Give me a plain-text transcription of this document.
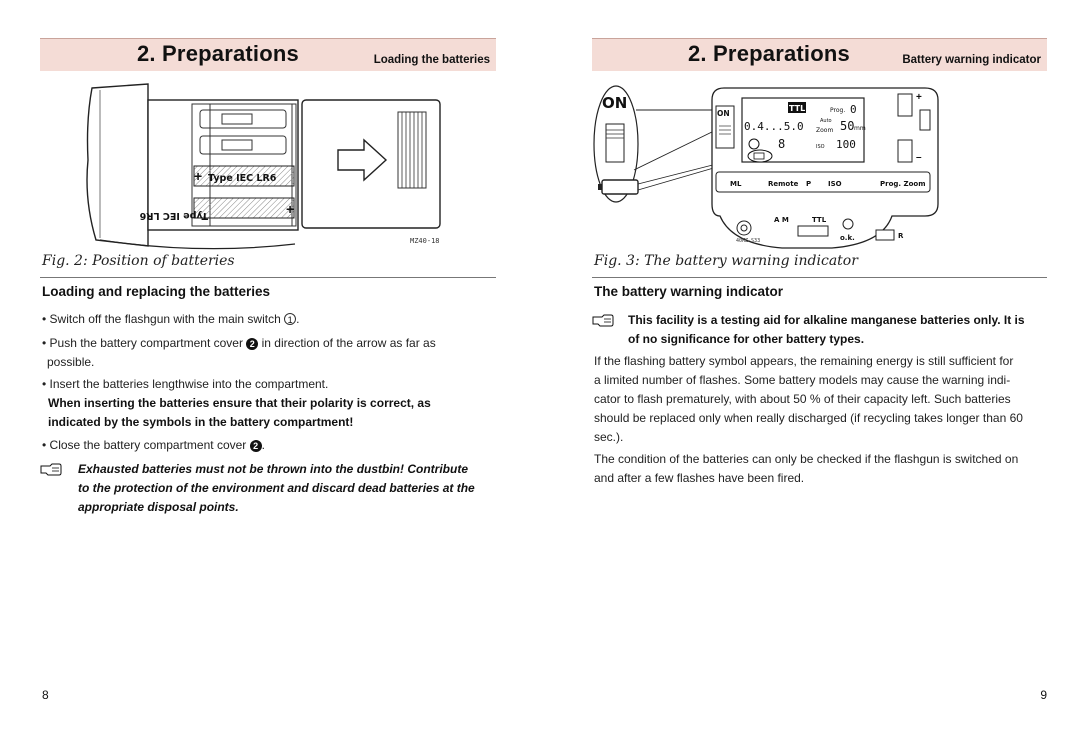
2. Preparations	Loading the batteries
Type IEC LR6
Type IEC LR6
+
+
MZ40-18
Fig. 2: Position of batteries
Loading and replacing the batteries
• Switch off the flashgun with the main switch 1 .
• Push the battery compartment cover 2 in direction of the arrow as far as
possible.
• Insert the batteries lengthwise into the compartment.
When inserting the batteries ensure that their polarity is correct, as
indicated by the symbols in the battery compartment!
• Close the battery compartment cover 2 .
Exhausted batteries must not be thrown into the dustbin! Contribute
to the protection of the environment and discard dead batteries at the
appropriate disposal points.
8
2. Preparations	Battery warning indicator
ON
ON
TTL	Prog. 0
0.4...5.0	Auto
Zoom 50 mm
8	ISO 100
+
–
ML	Remote P ISO	Prog. Zoom
A M	TTL
o.k.	R
40MZ-S33
Fig. 3: The battery warning indicator
The battery warning indicator
This facility is a testing aid for alkaline manganese batteries only. It is
of no significance for other battery types.
If the flashing battery symbol appears, the remaining energy is still sufficient for
a limited number of flashes. Some battery models may cause the warning indi-
cator to flash prematurely, with about 50 % of their capacity left. Such batteries
should be replaced only when really discharged (if recycling takes longer than 60
sec.).
The condition of the batteries can only be checked if the flashgun is switched on
and after a few flashes have been fired.
9
